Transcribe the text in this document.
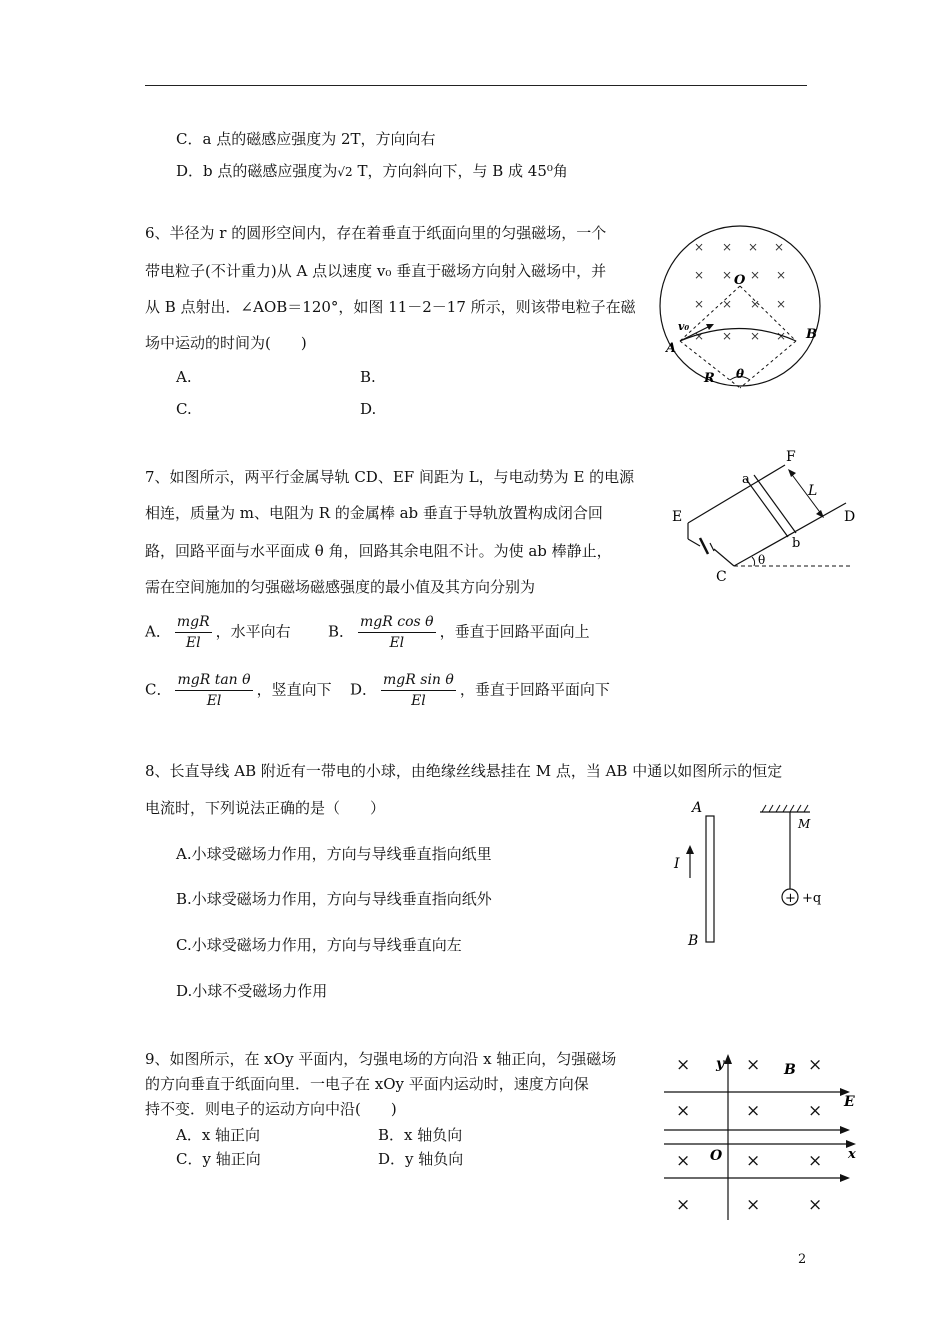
C．a 点的磁感应强度为 2T，方向向右
D．b 点的磁感应强度为√2 T，方向斜向下，与 B 成 45⁰角
6、半径为 r 的圆形空间内，存在着垂直于纸面向里的匀强磁场，一个
带电粒子(不计重力)从 A 点以速度 v₀ 垂直于磁场方向射入磁场中，并
从 B 点射出．∠AOB＝120°，如图 11－2－17 所示，则该带电粒子在磁
场中运动的时间为(　　)
A.	B.
C.	D.
× × × ×
× × × ×
× × × ×
× × × ×
O
A
B
v₀
R θ
7、如图所示，两平行金属导轨 CD、EF 间距为 L，与电动势为 E 的电源
相连，质量为 m、电阻为 R 的金属棒 ab 垂直于导轨放置构成闭合回
路，回路平面与水平面成 θ 角，回路其余电阻不计。为使 ab 棒静止，
需在空间施加的匀强磁场磁感强度的最小值及其方向分别为
A． $\frac{\text{mgR}}{El}$ ，水平向右 B． $\frac{\text{mgR cos θ}}{El}$ ，垂直于回路平面向上
C． $\frac{\text{mgR tan θ}}{El}$ ，竖直向下 D． $\frac{\text{mgR sin θ}}{El}$ ，垂直于回路平面向下
F
a
L
D
E
b
C
θ
8、长直导线 AB 附近有一带电的小球，由绝缘丝线悬挂在 M 点，当 AB 中通以如图所示的恒定
电流时，下列说法正确的是（　　）
A.小球受磁场力作用，方向与导线垂直指向纸里
B.小球受磁场力作用，方向与导线垂直指向纸外
C.小球受磁场力作用，方向与导线垂直向左
D.小球不受磁场力作用
+
A
B
I
M
+q
9、如图所示，在 xOy 平面内，匀强电场的方向沿 x 轴正向，匀强磁场
的方向垂直于纸面向里．一电子在 xOy 平面内运动时，速度方向保
持不变．则电子的运动方向中沿(　　)
A．x 轴正向	B．x 轴负向
C．y 轴正向	D．y 轴负向
×	×	×
×	×	×
×	×	×
×	×	×
y	B
E
O	x
2
